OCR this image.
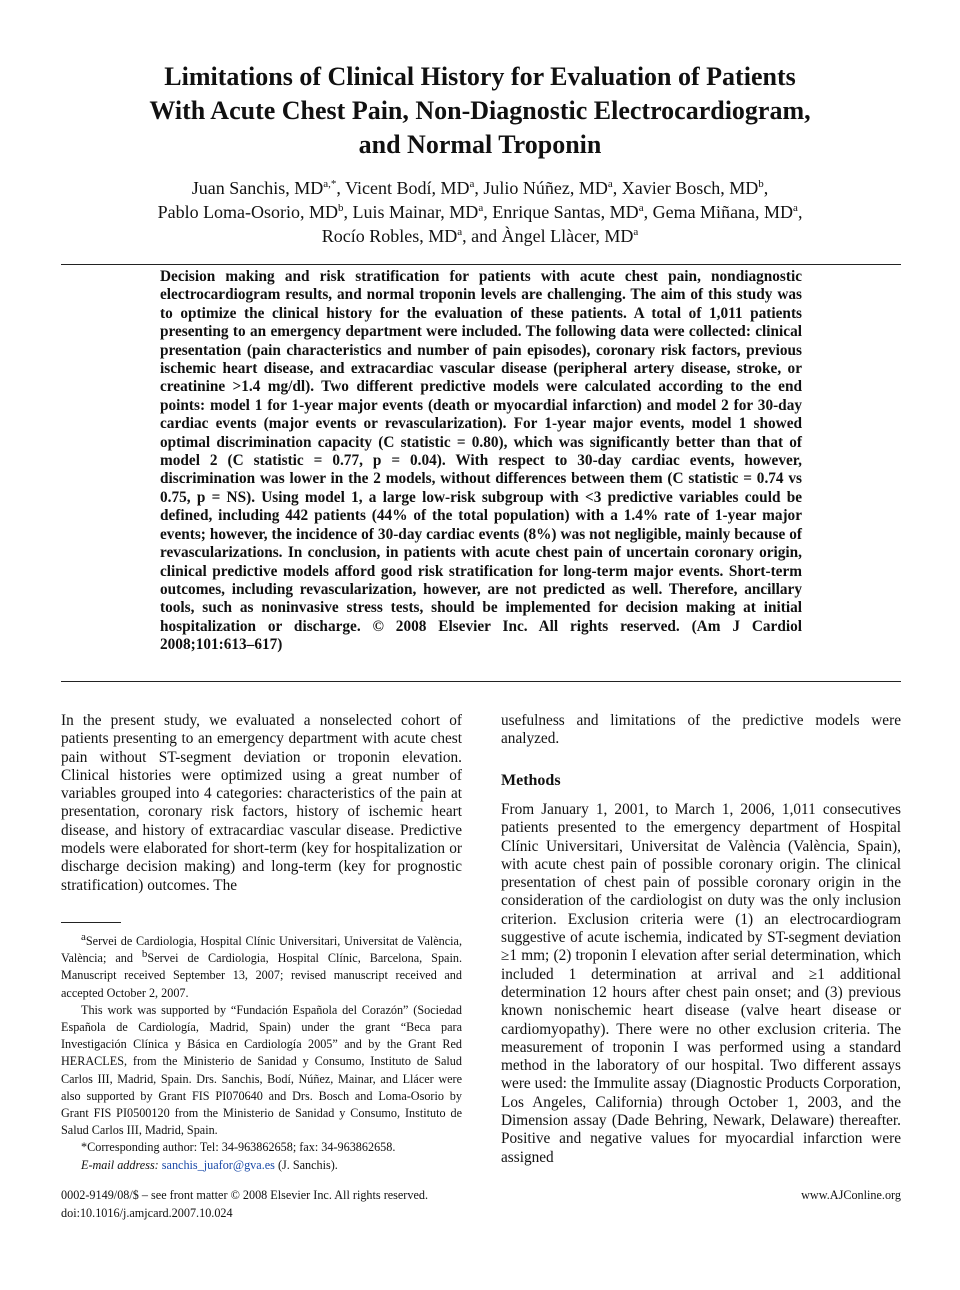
Limitations of Clinical History for Evaluation of Patients
With Acute Chest Pain, Non-Diagnostic Electrocardiogram,
and Normal Troponin
Juan Sanchis, $MD^{a,*}$, Vicent Bodí, $MD^a$, Julio Núñez, $MD^a$, Xavier Bosch, $MD^b$,
Pablo Loma-Osorio, $MD^b$, Luis Mainar, $MD^a$, Enrique Santas, $MD^a$, Gema Miñana, $MD^a$,
Rocío Robles, $MD^a$, and Àngel Llàcer, $MD^a$

Decision making and risk stratification for patients with acute chest pain, nondiagnostic electrocardiogram results, and normal troponin levels are challenging. The aim of this study was to optimize the clinical history for the evaluation of these patients. A total of 1,011 patients presenting to an emergency department were included. The following data were collected: clinical presentation (pain characteristics and number of pain episodes), coronary risk factors, previous ischemic heart disease, and extracardiac vascular disease (peripheral artery disease, stroke, or creatinine >1.4 mg/dl). Two different predictive models were calculated according to the end points: model 1 for 1-year major events (death or myocardial infarction) and model 2 for 30-day cardiac events (major events or revascularization). For 1-year major events, model 1 showed optimal discrimination capacity (C statistic = 0.80), which was significantly better than that of model 2 (C statistic = 0.77, p = 0.04). With respect to 30-day cardiac events, however, discrimination was lower in the 2 models, without differences between them (C statistic = 0.74 vs 0.75, p = NS). Using model 1, a large low-risk subgroup with <3 predictive variables could be defined, including 442 patients (44% of the total population) with a 1.4% rate of 1-year major events; however, the incidence of 30-day cardiac events (8%) was not negligible, mainly because of revascularizations. In conclusion, in patients with acute chest pain of uncertain coronary origin, clinical predictive models afford good risk stratification for long-term major events. Short-term outcomes, including revascularization, however, are not predicted as well. Therefore, ancillary tools, such as noninvasive stress tests, should be implemented for decision making at initial hospitalization or discharge. © 2008 Elsevier Inc. All rights reserved. (Am J Cardiol 2008;101:613–617)

In the present study, we evaluated a nonselected cohort of patients presenting to an emergency department with acute chest pain without ST-segment deviation or troponin elevation. Clinical histories were optimized using a great number of variables grouped into 4 categories: characteristics of the pain at presentation, coronary risk factors, history of ischemic heart disease, and history of extracardiac vascular disease. Predictive models were elaborated for short-term (key for hospitalization or discharge decision making) and long-term (key for prognostic stratification) outcomes. The

usefulness and limitations of the predictive models were analyzed.

Methods

From January 1, 2001, to March 1, 2006, 1,011 consecutives patients presented to the emergency department of Hospital Clínic Universitari, Universitat de València (València, Spain), with acute chest pain of possible coronary origin. The clinical presentation of chest pain of possible coronary origin in the consideration of the cardiologist on duty was the only inclusion criterion. Exclusion criteria were (1) an electrocardiogram suggestive of acute ischemia, indicated by ST-segment deviation ≥1 mm; (2) troponin I elevation after serial determination, which included 1 determination at arrival and ≥1 additional determination 12 hours after chest pain onset; and (3) previous known nonischemic heart disease (valve heart disease or cardiomyopathy). There were no other exclusion criteria. The measurement of troponin I was performed using a standard method in the laboratory of our hospital. Two different assays were used: the Immulite assay (Diagnostic Products Corporation, Los Angeles, California) through October 1, 2003, and the Dimension assay (Dade Behring, Newark, Delaware) thereafter. Positive and negative values for myocardial infarction were assigned

$^a$Servei de Cardiologia, Hospital Clínic Universitari, Universitat de València, València; and $^b$Servei de Cardiologia, Hospital Clínic, Barcelona, Spain. Manuscript received September 13, 2007; revised manuscript received and accepted October 2, 2007.

This work was supported by “Fundación Española del Corazón” (Sociedad Española de Cardiología, Madrid, Spain) under the grant “Beca para Investigación Clínica y Básica en Cardiología 2005” and by the Grant Red HERACLES, from the Ministerio de Sanidad y Consumo, Instituto de Salud Carlos III, Madrid, Spain. Drs. Sanchis, Bodí, Núñez, Mainar, and Llácer were also supported by Grant FIS PI070640 and Drs. Bosch and Loma-Osorio by Grant FIS PI0500120 from the Ministerio de Sanidad y Consumo, Instituto de Salud Carlos III, Madrid, Spain.

*Corresponding author: Tel: 34-963862658; fax: 34-963862658.

E-mail address: sanchis_juafor@gva.es (J. Sanchis).

0002-9149/08/$ – see front matter © 2008 Elsevier Inc. All rights reserved.
doi:10.1016/j.amjcard.2007.10.024
www.AJConline.org
